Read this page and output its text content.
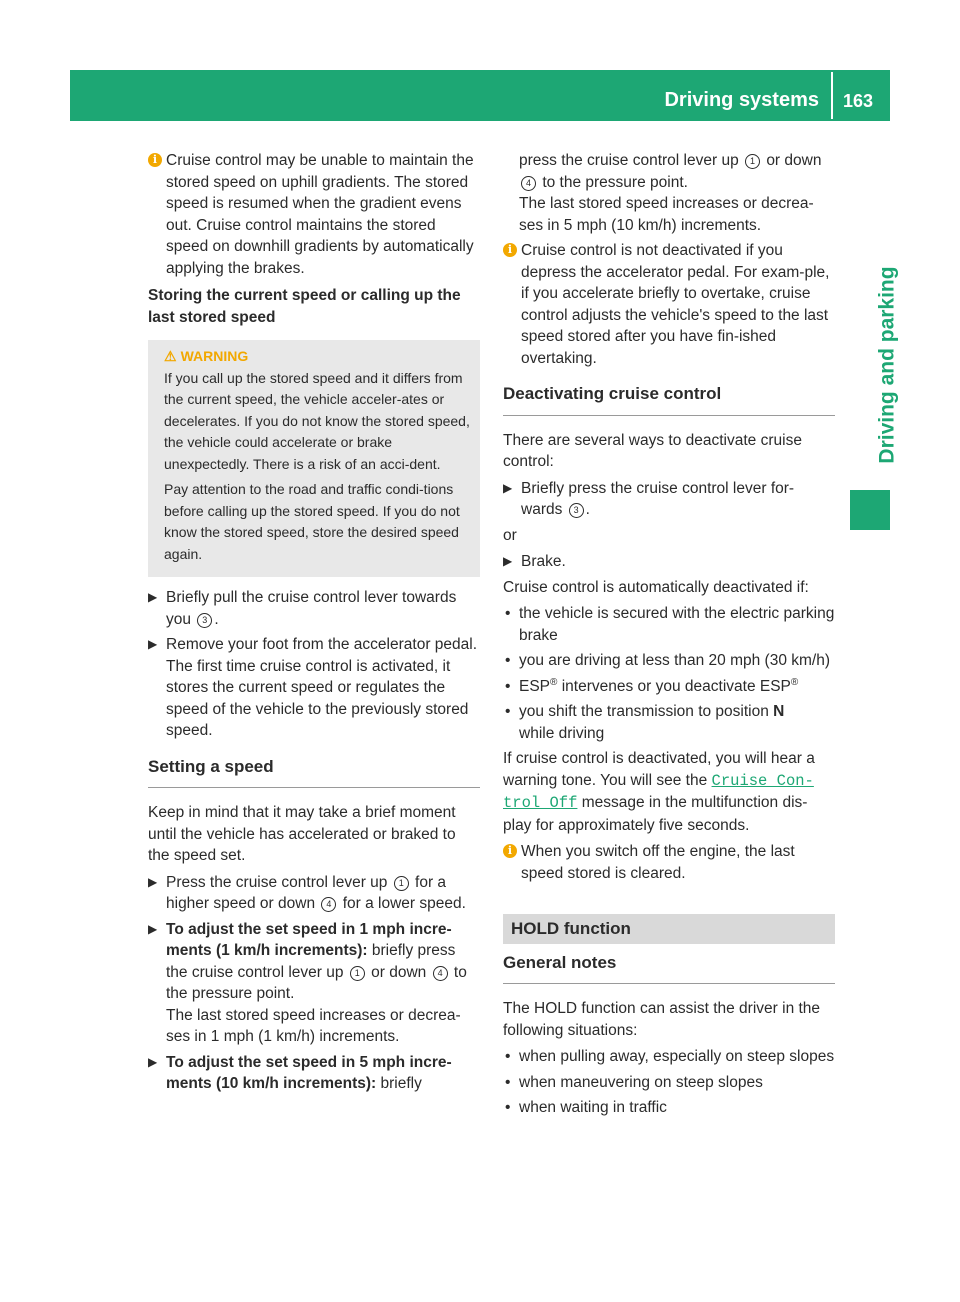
Driving systems 163
Driving and parking
i Cruise control may be unable to maintain the stored speed on uphill gradients. The stored speed is resumed when the gradient evens out. Cruise control maintains the stored speed on downhill gradients by automatically applying the brakes.
Storing the current speed or calling up the last stored speed
⚠ WARNING

If you call up the stored speed and it differs from the current speed, the vehicle acceler-ates or decelerates. If you do not know the stored speed, the vehicle could accelerate or brake unexpectedly. There is a risk of an acci-dent.

Pay attention to the road and traffic condi-tions before calling up the stored speed. If you do not know the stored speed, store the desired speed again.

▶ Briefly pull the cruise control lever towards you 3 .
▶ Remove your foot from the accelerator pedal.
The first time cruise control is activated, it stores the current speed or regulates the speed of the vehicle to the previously stored speed.
Setting a speed

Keep in mind that it may take a brief moment until the vehicle has accelerated or braked to the speed set.

▶ Press the cruise control lever up 1 for a higher speed or down 4 for a lower speed.
▶ To adjust the set speed in 1 mph incre-ments (1 km/h increments): briefly press the cruise control lever up 1 or down 4 to the pressure point.
The last stored speed increases or decrea-ses in 1 mph (1 km/h) increments.
▶ To adjust the set speed in 5 mph incre-ments (10 km/h increments): briefly
press the cruise control lever up 1 or down 4 to the pressure point.
The last stored speed increases or decrea-ses in 5 mph (10 km/h) increments.
i Cruise control is not deactivated if you depress the accelerator pedal. For exam-ple, if you accelerate briefly to overtake, cruise control adjusts the vehicle's speed to the last speed stored after you have fin-ished overtaking.
Deactivating cruise control

There are several ways to deactivate cruise control:

▶ Briefly press the cruise control lever for-wards 3 .

or

▶ Brake.

Cruise control is automatically deactivated if:

• the vehicle is secured with the electric parking brake
• you are driving at less than 20 mph (30 km/h)
• ESP® intervenes or you deactivate ESP®
• you shift the transmission to position N
while driving

If cruise control is deactivated, you will hear a warning tone. You will see the Cruise Con-trol Off message in the multifunction dis-play for approximately five seconds.

i When you switch off the engine, the last speed stored is cleared.
HOLD function
General notes

The HOLD function can assist the driver in the following situations:

• when pulling away, especially on steep slopes
• when maneuvering on steep slopes
• when waiting in traffic
